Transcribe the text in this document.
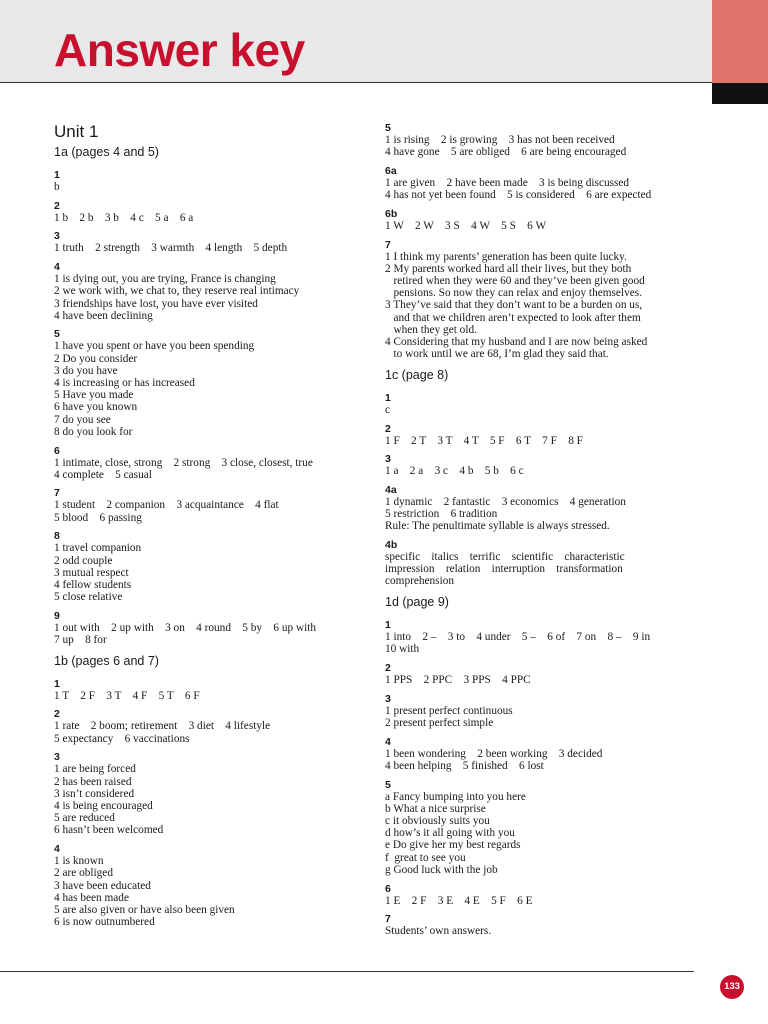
Answer key
Unit 1
1a (pages 4 and 5)
1
b
2
1 b    2 b    3 b    4 c    5 a    6 a
3
1 truth    2 strength    3 warmth    4 length    5 depth
4
1 is dying out, you are trying, France is changing
2 we work with, we chat to, they reserve real intimacy
3 friendships have lost, you have ever visited
4 have been declining
5
1 have you spent or have you been spending
2 Do you consider
3 do you have
4 is increasing or has increased
5 Have you made
6 have you known
7 do you see
8 do you look for
6
1 intimate, close, strong    2 strong    3 close, closest, true
4 complete    5 casual
7
1 student    2 companion    3 acquaintance    4 flat
5 blood    6 passing
8
1 travel companion
2 odd couple
3 mutual respect
4 fellow students
5 close relative
9
1 out with    2 up with    3 on    4 round    5 by    6 up with
7 up    8 for
1b (pages 6 and 7)
1
1 T    2 F    3 T    4 F    5 T    6 F
2
1 rate    2 boom; retirement    3 diet    4 lifestyle
5 expectancy    6 vaccinations
3
1 are being forced
2 has been raised
3 isn’t considered
4 is being encouraged
5 are reduced
6 hasn’t been welcomed
4
1 is known
2 are obliged
3 have been educated
4 has been made
5 are also given or have also been given
6 is now outnumbered
5
1 is rising    2 is growing    3 has not been received
4 have gone    5 are obliged    6 are being encouraged
6a
1 are given    2 have been made    3 is being discussed
4 has not yet been found    5 is considered    6 are expected
6b
1 W    2 W    3 S    4 W    5 S    6 W
7
1 I think my parents’ generation has been quite lucky.
2 My parents worked hard all their lives, but they both
retired when they were 60 and they’ve been given good
pensions. So now they can relax and enjoy themselves.
3 They’ve said that they don’t want to be a burden on us,
and that we children aren’t expected to look after them
when they get old.
4 Considering that my husband and I are now being asked
to work until we are 68, I’m glad they said that.
1c (page 8)
1
c
2
1 F    2 T    3 T    4 T    5 F    6 T    7 F    8 F
3
1 a    2 a    3 c    4 b    5 b    6 c
4a
1 dynamic    2 fantastic    3 economics    4 generation
5 restriction    6 tradition
Rule: The penultimate syllable is always stressed.
4b
specific    italics    terrific    scientific    characteristic
impression    relation    interruption    transformation
comprehension
1d (page 9)
1
1 into    2 –    3 to    4 under    5 –    6 of    7 on    8 –    9 in
10 with
2
1 PPS    2 PPC    3 PPS    4 PPC
3
1 present perfect continuous
2 present perfect simple
4
1 been wondering    2 been working    3 decided
4 been helping    5 finished    6 lost
5
a Fancy bumping into you here
b What a nice surprise
c it obviously suits you
d how’s it all going with you
e Do give her my best regards
f  great to see you
g Good luck with the job
6
1 E    2 F    3 E    4 E    5 F    6 E
7
Students’ own answers.
133
